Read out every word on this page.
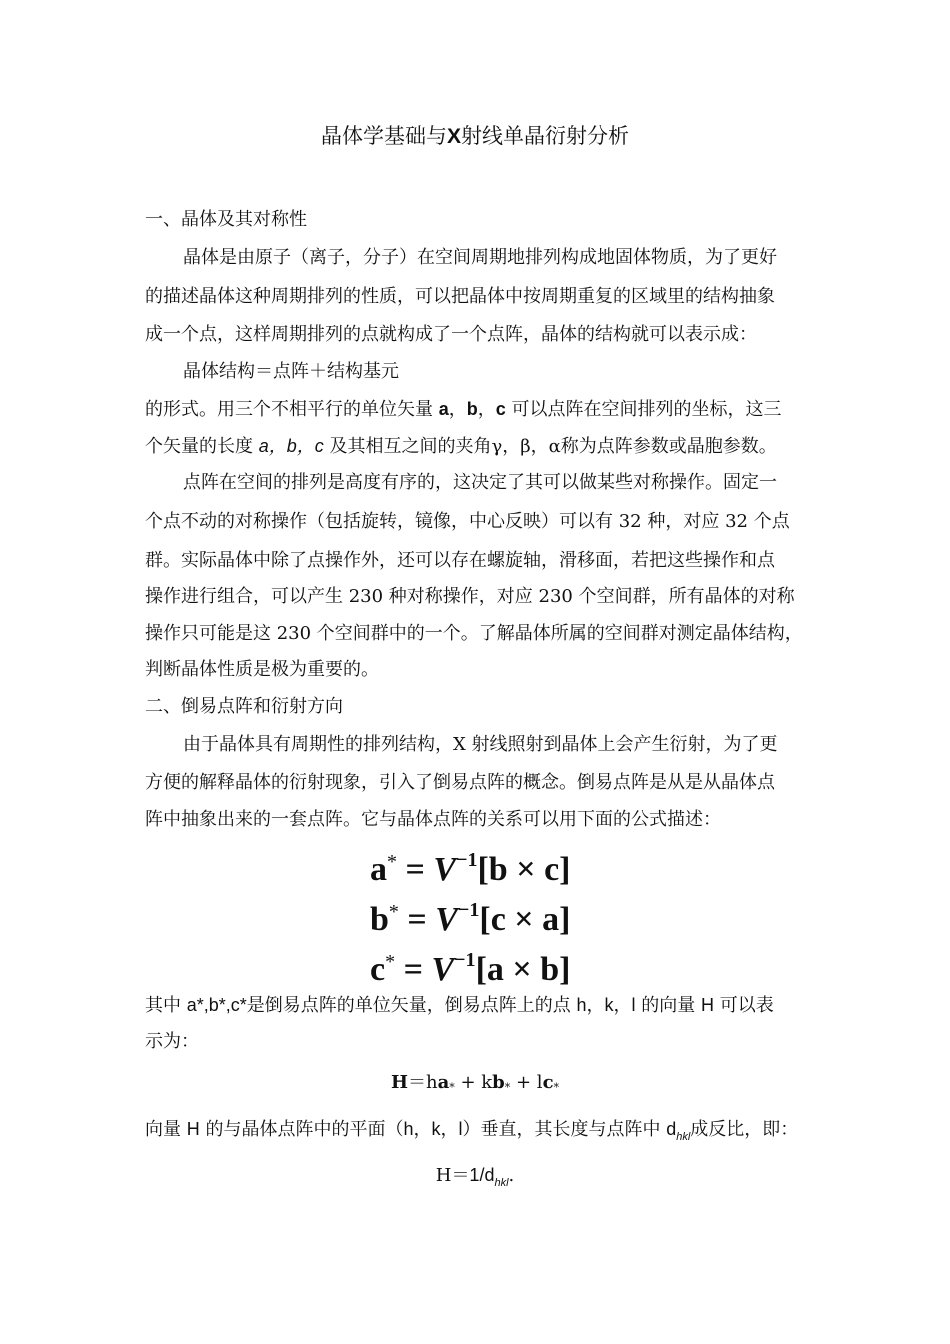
晶体学基础与X射线单晶衍射分析
一、晶体及其对称性
晶体是由原子（离子，分子）在空间周期地排列构成地固体物质，为了更好
的描述晶体这种周期排列的性质，可以把晶体中按周期重复的区域里的结构抽象
成一个点，这样周期排列的点就构成了一个点阵，晶体的结构就可以表示成：
晶体结构＝点阵＋结构基元
的形式。用三个不相平行的单位矢量 a，b，c 可以点阵在空间排列的坐标，这三
个矢量的长度 a，b，c 及其相互之间的夹角γ，β，α称为点阵参数或晶胞参数。
点阵在空间的排列是高度有序的，这决定了其可以做某些对称操作。固定一
个点不动的对称操作（包括旋转，镜像，中心反映）可以有 32 种，对应 32 个点
群。实际晶体中除了点操作外，还可以存在螺旋轴，滑移面，若把这些操作和点
操作进行组合，可以产生 230 种对称操作，对应 230 个空间群，所有晶体的对称
操作只可能是这 230 个空间群中的一个。了解晶体所属的空间群对测定晶体结构，
判断晶体性质是极为重要的。
二、倒易点阵和衍射方向
由于晶体具有周期性的排列结构，X 射线照射到晶体上会产生衍射，为了更
方便的解释晶体的衍射现象，引入了倒易点阵的概念。倒易点阵是从是从晶体点
阵中抽象出来的一套点阵。它与晶体点阵的关系可以用下面的公式描述：
$a^* = V^{-1}[b \times c]$
$b^* = V^{-1}[c \times a]$
$c^* = V^{-1}[a \times b]$
其中 a*,b*,c*是倒易点阵的单位矢量，倒易点阵上的点 h，k，l 的向量 H 可以表
示为：
H＝ha* + kb* + lc*
向量 H 的与晶体点阵中的平面（h，k，l）垂直，其长度与点阵中 $d_{hkl}$成反比，即：
$H=1/d_{hkl}$.
